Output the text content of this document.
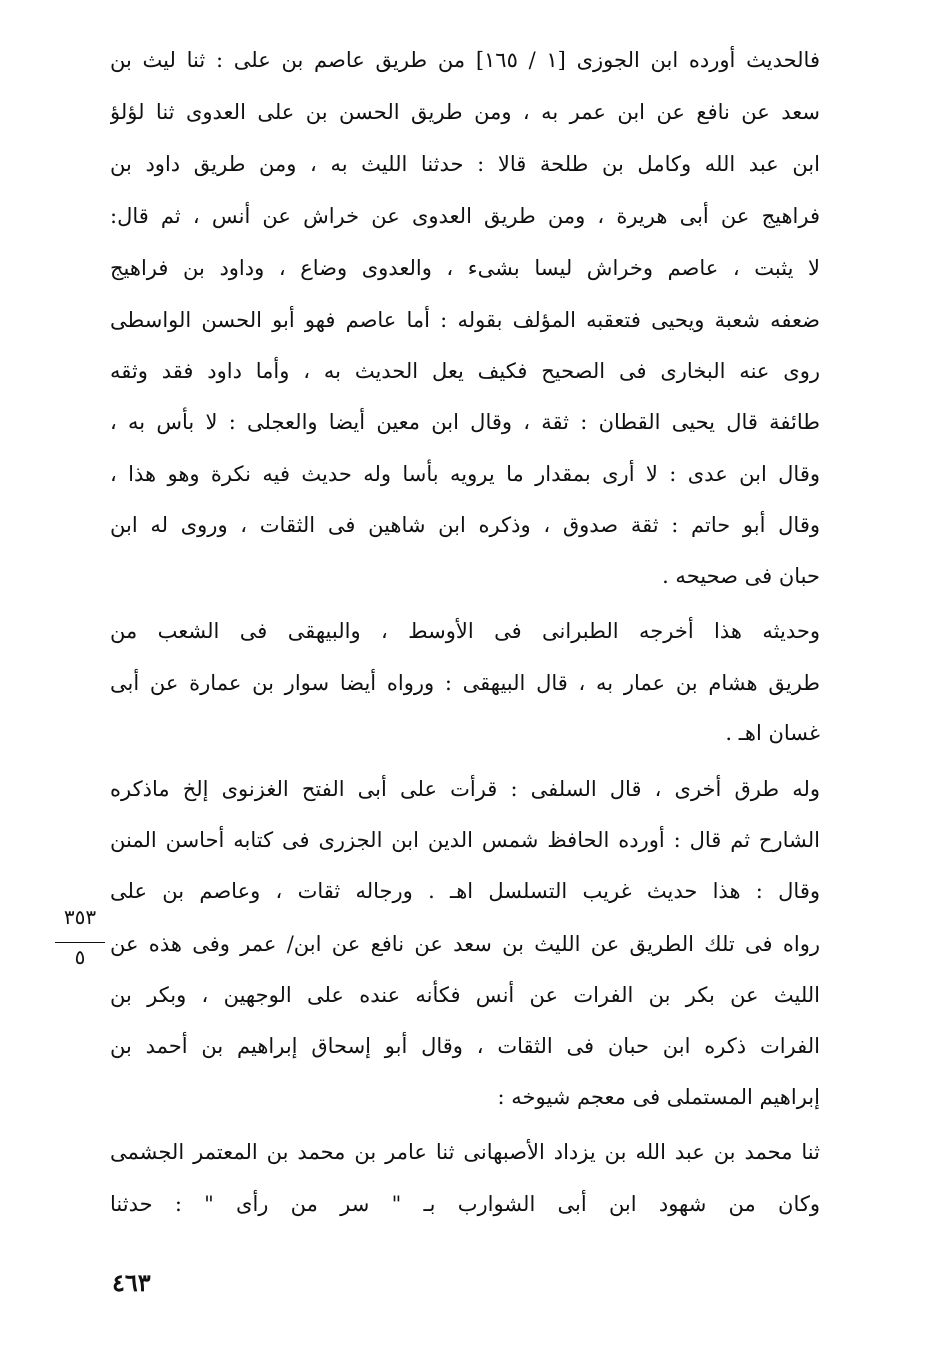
فالحديث أورده ابن الجوزى [١ / ١٦٥] من طريق عاصم بن على : ثنا ليث بن
سعد عن نافع عن ابن عمر به ، ومن طريق الحسن بن على العدوى ثنا لؤلؤ
ابن عبد الله وكامل بن طلحة قالا : حدثنا الليث به ، ومن طريق داود بن
فراهيج عن أبى هريرة ، ومن طريق العدوى عن خراش عن أنس ، ثم قال:
لا يثبت ، عاصم وخراش ليسا بشىء ، والعدوى وضاع ، وداود بن فراهيج
ضعفه شعبة ويحيى فتعقبه المؤلف بقوله : أما عاصم فهو أبو الحسن الواسطى
روى عنه البخارى فى الصحيح فكيف يعل الحديث به ، وأما داود فقد وثقه
طائفة قال يحيى القطان : ثقة ، وقال ابن معين أيضا والعجلى : لا بأس به ،
وقال ابن عدى : لا أرى بمقدار ما يرويه بأسا وله حديث فيه نكرة وهو هذا ،
وقال أبو حاتم : ثقة صدوق ، وذكره ابن شاهين فى الثقات ، وروى له ابن
حبان فى صحيحه .
وحديثه هذا أخرجه الطبرانى فى الأوسط ، والبيهقى فى الشعب من
طريق هشام بن عمار به ، قال البيهقى : ورواه أيضا سوار بن عمارة عن أبى
غسان اهـ .
وله طرق أخرى ، قال السلفى : قرأت على أبى الفتح الغزنوى إلخ ماذكره
الشارح ثم قال : أورده الحافظ شمس الدين ابن الجزرى فى كتابه أحاسن المنن
وقال : هذا حديث غريب التسلسل اهـ . ورجاله ثقات ، وعاصم بن على
رواه فى تلك الطريق عن الليث بن سعد عن نافع عن ابن/ عمر وفى هذه عن
الليث عن بكر بن الفرات عن أنس فكأنه عنده على الوجهين ، وبكر بن
الفرات ذكره ابن حبان فى الثقات ، وقال أبو إسحاق إبراهيم بن أحمد بن
إبراهيم المستملى فى معجم شيوخه :
ثنا محمد بن عبد الله بن يزداد الأصبهانى ثنا عامر بن محمد بن المعتمر الجشمى
وكان من شهود ابن أبى الشوارب بـ " سر من رأى " : حدثنا
٣٥٣
٥
٤٦٣
